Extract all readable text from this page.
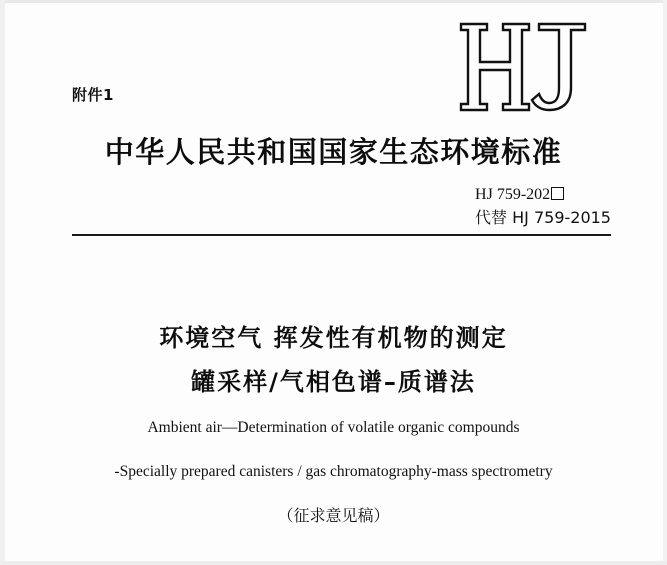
附件1
中华人民共和国国家生态环境标准
HJ 759-202
代替 HJ 759-2015
环境空气 挥发性有机物的测定
罐采样/气相色谱–质谱法
Ambient air—Determination of volatile organic compounds
-Specially prepared canisters / gas chromatography-mass spectrometry
（征求意见稿）
